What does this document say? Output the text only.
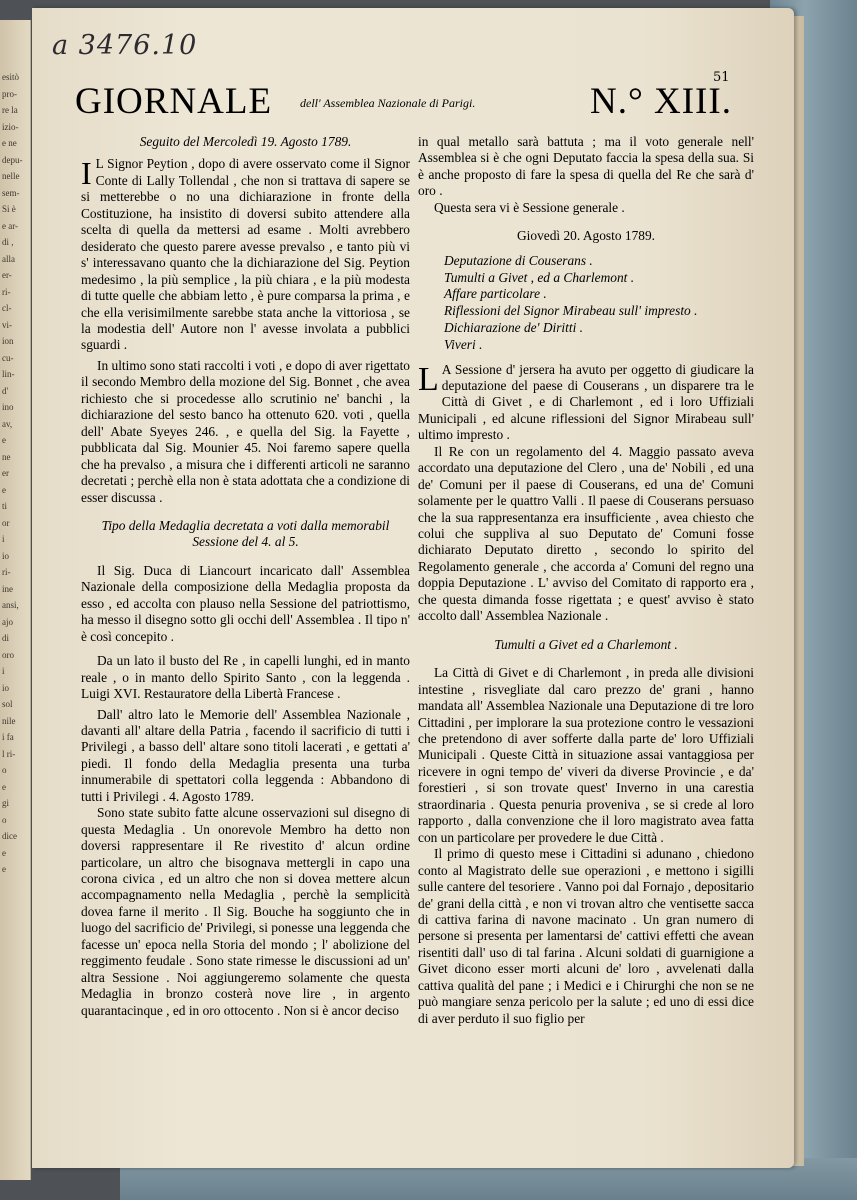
esitò
pro-
re la
izio-
e ne
depu-
nelle
sem-
Si è
e ar-
di ,
alla
er-
ri-
cl-
vi-
ion
cu-
lin-
d'
ino
av,
e
ne
er
e
ti
or
i
io
ri-
ine
ansi,
ajo
di
oro
i
io
sol
nile
i fa
l ri-
o
e
gi
o
dice
e
e
a 3476.10
51
GIORNALE dell' Assemblea Nazionale di Parigi.	N.° XIII.

Seguito del Mercoledì 19. Agosto 1789.

I L Signor Peytion , dopo di avere osservato come il Signor Conte di Lally Tollendal , che non si trattava di sapere se si metterebbe o no una dichiarazione in fronte della Costituzione, ha insistito di doversi subito attendere alla scelta di quella da mettersi ad esame . Molti avrebbero desiderato che questo parere avesse prevalso , e tanto più vi s' interessavano quanto che la dichiarazione del Sig. Peytion medesimo , la più semplice , la più chiara , e la più modesta di tutte quelle che abbiam letto , è pure comparsa la prima , e che ella verisimilmente sarebbe stata anche la vittoriosa , se la modestia dell' Autore non l' avesse involata a pubblici sguardi .

In ultimo sono stati raccolti i voti , e dopo di aver rigettato il secondo Membro della mozione del Sig. Bonnet , che avea richiesto che si procedesse allo scrutinio ne' banchi , la dichiarazione del sesto banco ha ottenuto 620. voti , quella dell' Abate Syeyes 246. , e quella del Sig. la Fayette , pubblicata dal Sig. Mounier 45. Noi faremo sapere quella che ha prevalso , a misura che i differenti articoli ne saranno decretati ; perchè ella non è stata adottata che a condizione di esser discussa .

Tipo della Medaglia decretata a voti dalla memorabil Sessione del 4. al 5.

Il Sig. Duca di Liancourt incaricato dall' Assemblea Nazionale della composizione della Medaglia proposta da esso , ed accolta con plauso nella Sessione del patriottismo, ha messo il disegno sotto gli occhi dell' Assemblea . Il tipo n' è così concepito .

Da un lato il busto del Re , in capelli lunghi, ed in manto reale , o in manto dello Spirito Santo , con la leggenda . Luigi XVI. Restauratore della Libertà Francese .

Dall' altro lato le Memorie dell' Assemblea Nazionale , davanti all' altare della Patria , facendo il sacrificio di tutti i Privilegi , a basso dell' altare sono titoli lacerati , e gettati a' piedi. Il fondo della Medaglia presenta una turba innumerabile di spettatori colla leggenda : Abbandono di tutti i Privilegi . 4. Agosto 1789.

Sono state subito fatte alcune osservazioni sul disegno di questa Medaglia . Un onorevole Membro ha detto non doversi rappresentare il Re rivestito d' alcun ordine particolare, un altro che bisognava mettergli in capo una corona civica , ed un altro che non si dovea mettere alcun accompagnamento nella Medaglia , perchè la semplicità dovea farne il merito . Il Sig. Bouche ha soggiunto che in luogo del sacrificio de' Privilegi, si ponesse una leggenda che facesse un' epoca nella Storia del mondo ; l' abolizione del reggimento feudale . Sono state rimesse le discussioni ad un' altra Sessione . Noi aggiungeremo solamente che questa Medaglia in bronzo costerà nove lire , in argento quarantacinque , ed in oro ottocento . Non si è ancor deciso

in qual metallo sarà battuta ; ma il voto generale nell' Assemblea si è che ogni Deputato faccia la spesa della sua. Si è anche proposto di fare la spesa di quella del Re che sarà d' oro .

Questa sera vi è Sessione generale .

Giovedì 20. Agosto 1789.

Deputazione di Couserans .

Tumulti a Givet , ed a Charlemont .

Affare particolare .

Riflessioni del Signor Mirabeau sull' impresto .

Dichiarazione de' Diritti .

Viveri .

L A Sessione d' jersera ha avuto per oggetto di giudicare la deputazione del paese di Couserans , un disparere tra le Città di Givet , e di Charlemont , ed i loro Uffiziali Municipali , ed alcune riflessioni del Signor Mirabeau sull' ultimo impresto .

Il Re con un regolamento del 4. Maggio passato aveva accordato una deputazione del Clero , una de' Nobili , ed una de' Comuni per il paese di Couserans, ed una de' Comuni solamente per le quattro Valli . Il paese di Couserans persuaso che la sua rappresentanza era insufficiente , avea chiesto che colui che suppliva al suo Deputato de' Comuni fosse dichiarato Deputato diretto , secondo lo spirito del Regolamento generale , che accorda a' Comuni del regno una doppia Deputazione . L' avviso del Comitato di rapporto era , che questa dimanda fosse rigettata ; e quest' avviso è stato accolto dall' Assemblea Nazionale .

Tumulti a Givet ed a Charlemont .

La Città di Givet e di Charlemont , in preda alle divisioni intestine , risvegliate dal caro prezzo de' grani , hanno mandata all' Assemblea Nazionale una Deputazione di tre loro Cittadini , per implorare la sua protezione contro le vessazioni che pretendono di aver sofferte dalla parte de' loro Uffiziali Municipali . Queste Città in situazione assai vantaggiosa per ricevere in ogni tempo de' viveri da diverse Provincie , e da' forestieri , si son trovate quest' Inverno in una carestia straordinaria . Questa penuria proveniva , se si crede al loro rapporto , dalla convenzione che il loro magistrato avea fatta con un particolare per provedere le due Città .

Il primo di questo mese i Cittadini si adunano , chiedono conto al Magistrato delle sue operazioni , e mettono i sigilli sulle cantere del tesoriere . Vanno poi dal Fornajo , depositario de' grani della città , e non vi trovan altro che ventisette sacca di cattiva farina di navone macinato . Un gran numero di persone si presenta per lamentarsi de' cattivi effetti che avean risentiti dall' uso di tal farina . Alcuni soldati di guarnigione a Givet dicono esser morti alcuni de' loro , avvelenati dalla cattiva qualità del pane ; i Medici e i Chirurghi che non se ne può mangiare senza pericolo per la salute ; ed uno di essi dice di aver perduto il suo figlio per
